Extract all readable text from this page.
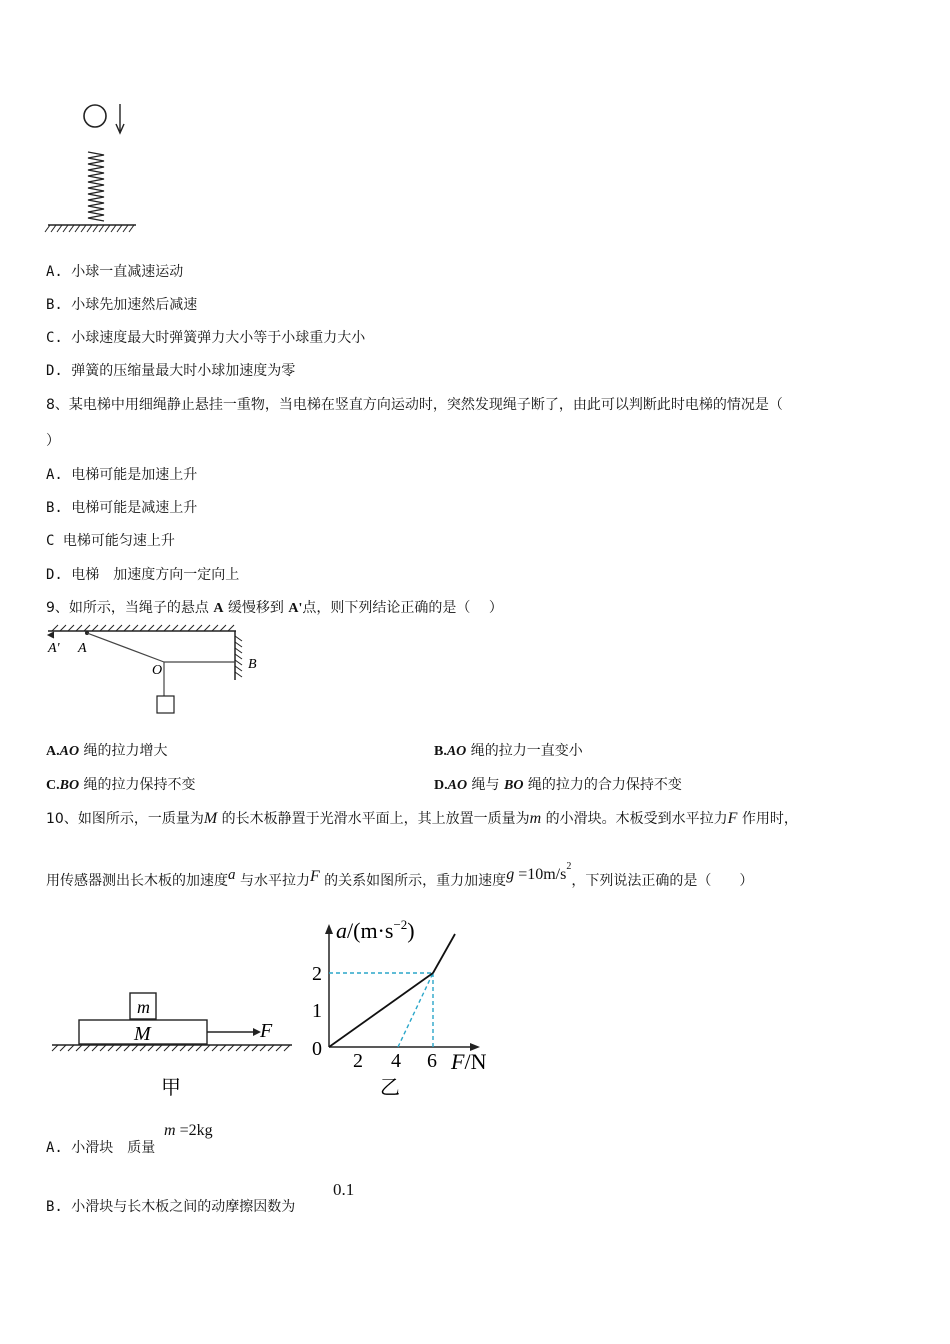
A. 小球一直减速运动
B. 小球先加速然后减速
C. 小球速度最大时弹簧弹力大小等于小球重力大小
D. 弹簧的压缩量最大时小球加速度为零
8、某电梯中用细绳静止悬挂一重物，当电梯在竖直方向运动时，突然发现绳子断了，由此可以判断此时电梯的情况是（
）
A. 电梯可能是加速上升
B. 电梯可能是减速上升
C 电梯可能匀速上升
D. 电梯　加速度方向一定向上
9、如所示，当绳子的悬点 A 缓慢移到 A'点，则下列结论正确的是（　 ）
A' A
O	B
A.AO 绳的拉力增大	B.AO 绳的拉力一直变小
C.BO 绳的拉力保持不变	D.AO 绳与 BO 绳的拉力的合力保持不变
10、如图所示，一质量为M 的长木板静置于光滑水平面上，其上放置一质量为m 的小滑块。木板受到水平拉力F 作用时，
用传感器测出长木板的加速度a 与水平拉力F 的关系如图所示，重力加速度$g =10m/s^2$，下列说法正确的是（　　）
m
M	F
甲
$a/(m\cdot s^{-2})$
2
1
0
2 4 6 F/N
乙
A. 小滑块　质量
m =2kg
B. 小滑块与长木板之间的动摩擦因数为
0.1
